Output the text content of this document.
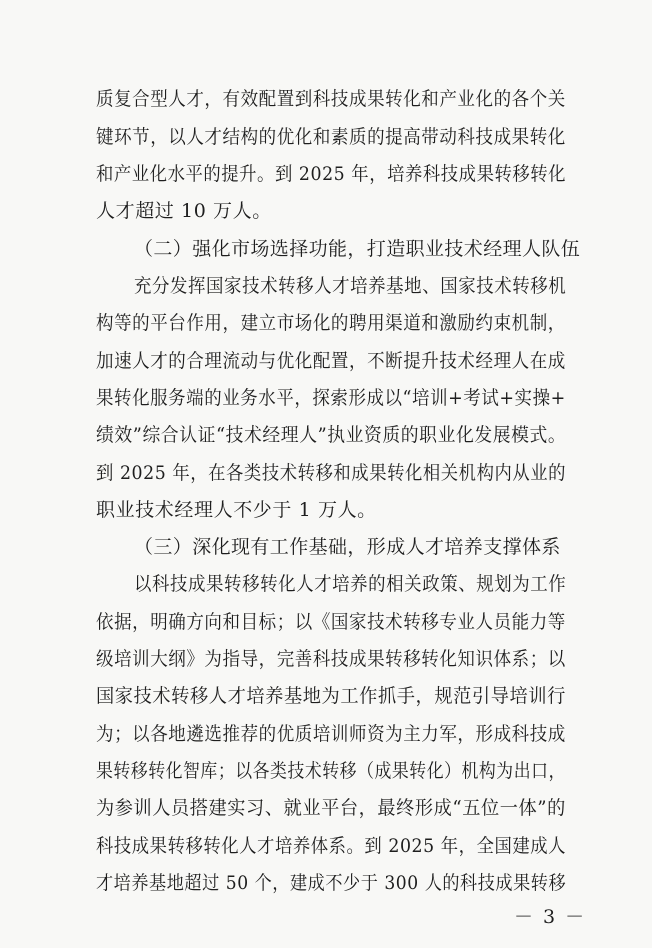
质复合型人才，有效配置到科技成果转化和产业化的各个关
键环节，以人才结构的优化和素质的提高带动科技成果转化
和产业化水平的提升。到 2025 年，培养科技成果转移转化
人才超过 10 万人。
（二）强化市场选择功能，打造职业技术经理人队伍
充分发挥国家技术转移人才培养基地、国家技术转移机
构等的平台作用，建立市场化的聘用渠道和激励约束机制，
加速人才的合理流动与优化配置，不断提升技术经理人在成
果转化服务端的业务水平，探索形成以“培训+考试+实操+
绩效”综合认证“技术经理人”执业资质的职业化发展模式。
到 2025 年，在各类技术转移和成果转化相关机构内从业的
职业技术经理人不少于 1 万人。
（三）深化现有工作基础，形成人才培养支撑体系
以科技成果转移转化人才培养的相关政策、规划为工作
依据，明确方向和目标；以《国家技术转移专业人员能力等
级培训大纲》为指导，完善科技成果转移转化知识体系；以
国家技术转移人才培养基地为工作抓手，规范引导培训行
为；以各地遴选推荐的优质培训师资为主力军，形成科技成
果转移转化智库；以各类技术转移（成果转化）机构为出口，
为参训人员搭建实习、就业平台，最终形成“五位一体”的
科技成果转移转化人才培养体系。到 2025 年，全国建成人
才培养基地超过 50 个，建成不少于 300 人的科技成果转移
－ 3 －
